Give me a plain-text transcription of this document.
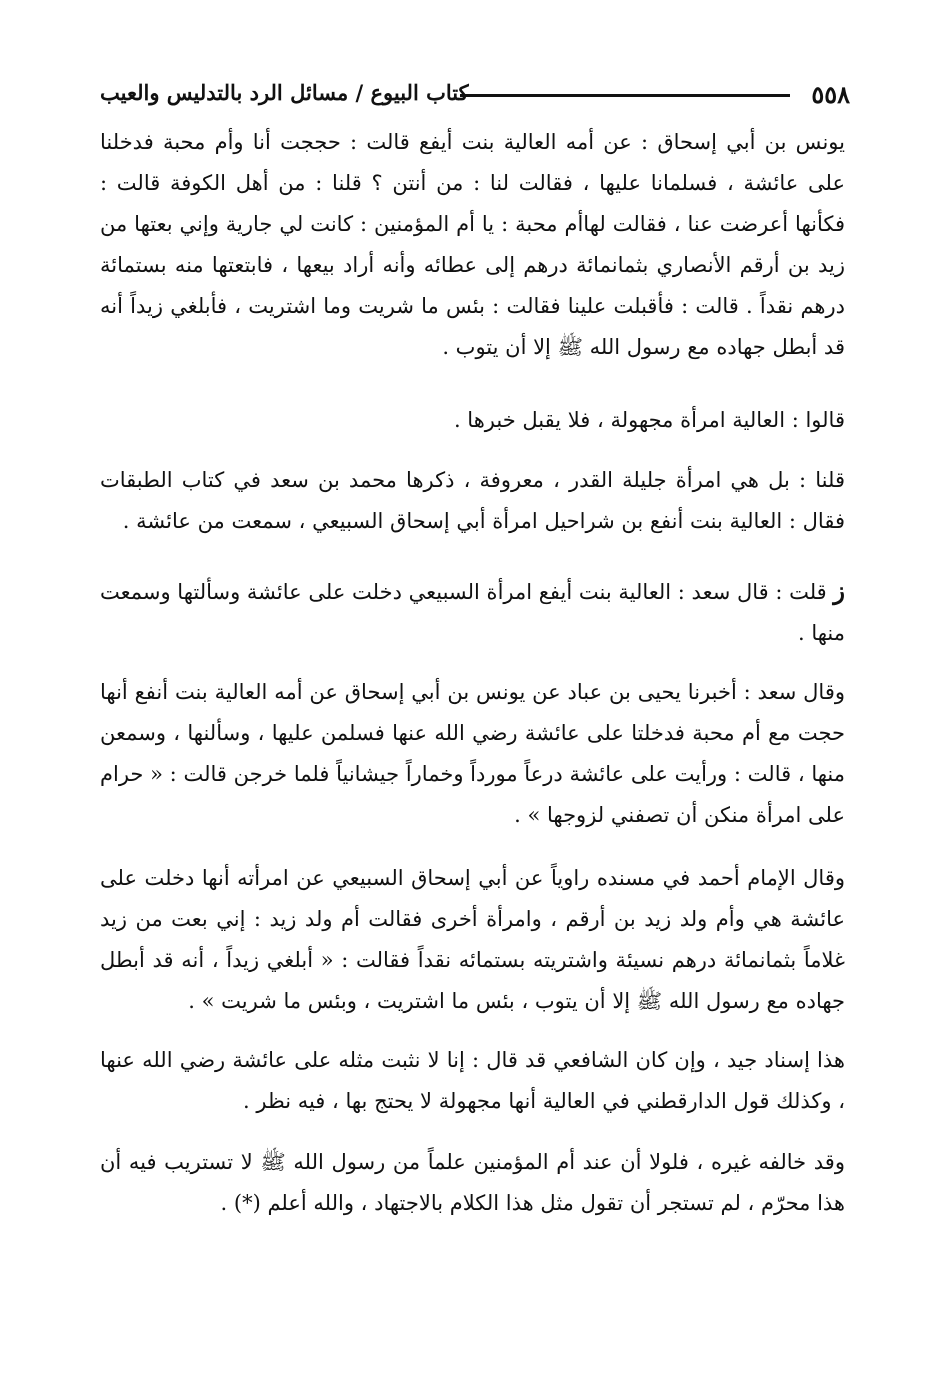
٥٥٨
كتاب البيوع / مسائل الرد بالتدليس والعيب

يونس بن أبي إسحاق : عن أمه العالية بنت أيفع قالت : حججت أنا وأم محبة فدخلنا على عائشة ، فسلمانا عليها ، فقالت لنا : من أنتن ؟ قلنا : من أهل الكوفة قالت : فكأنها أعرضت عنا ، فقالت لهاأم محبة : يا أم المؤمنين : كانت لي جارية وإني بعتها من زيد بن أرقم الأنصاري بثمانمائة درهم إلى عطائه وأنه أراد بيعها ، فابتعتها منه بستمائة درهم نقداً . قالت : فأقبلت علينا فقالت : بئس ما شريت وما اشتريت ، فأبلغي زيداً أنه قد أبطل جهاده مع رسول الله ﷺ إلا أن يتوب .

قالوا : العالية امرأة مجهولة ، فلا يقبل خبرها .

قلنا : بل هي امرأة جليلة القدر ، معروفة ، ذكرها محمد بن سعد في كتاب الطبقات فقال : العالية بنت أنفع بن شراحيل امرأة أبي إسحاق السبيعي ، سمعت من عائشة .

ز قلت : قال سعد : العالية بنت أيفع امرأة السبيعي دخلت على عائشة وسألتها وسمعت منها .

وقال سعد : أخبرنا يحيى بن عباد عن يونس بن أبي إسحاق عن أمه العالية بنت أنفع أنها حجت مع أم محبة فدخلتا على عائشة رضي الله عنها فسلمن عليها ، وسألنها ، وسمعن منها ، قالت : ورأيت على عائشة درعاً مورداً وخماراً جيشانياً فلما خرجن قالت : « حرام على امرأة منكن أن تصفني لزوجها » .

وقال الإمام أحمد في مسنده راوياً عن أبي إسحاق السبيعي عن امرأته أنها دخلت على عائشة هي وأم ولد زيد بن أرقم ، وامرأة أخرى فقالت أم ولد زيد : إني بعت من زيد غلاماً بثمانمائة درهم نسيئة واشتريته بستمائه نقداً فقالت : « أبلغي زيداً ، أنه قد أبطل جهاده مع رسول الله ﷺ إلا أن يتوب ، بئس ما اشتريت ، وبئس ما شريت » .

هذا إسناد جيد ، وإن كان الشافعي قد قال : إنا لا نثبت مثله على عائشة رضي الله عنها ، وكذلك قول الدارقطني في العالية أنها مجهولة لا يحتج بها ، فيه نظر .

وقد خالفه غيره ، فلولا أن عند أم المؤمنين علماً من رسول الله ﷺ لا تستريب فيه أن هذا محرّم ، لم تستجر أن تقول مثل هذا الكلام بالاجتهاد ، والله أعلم (*) .
